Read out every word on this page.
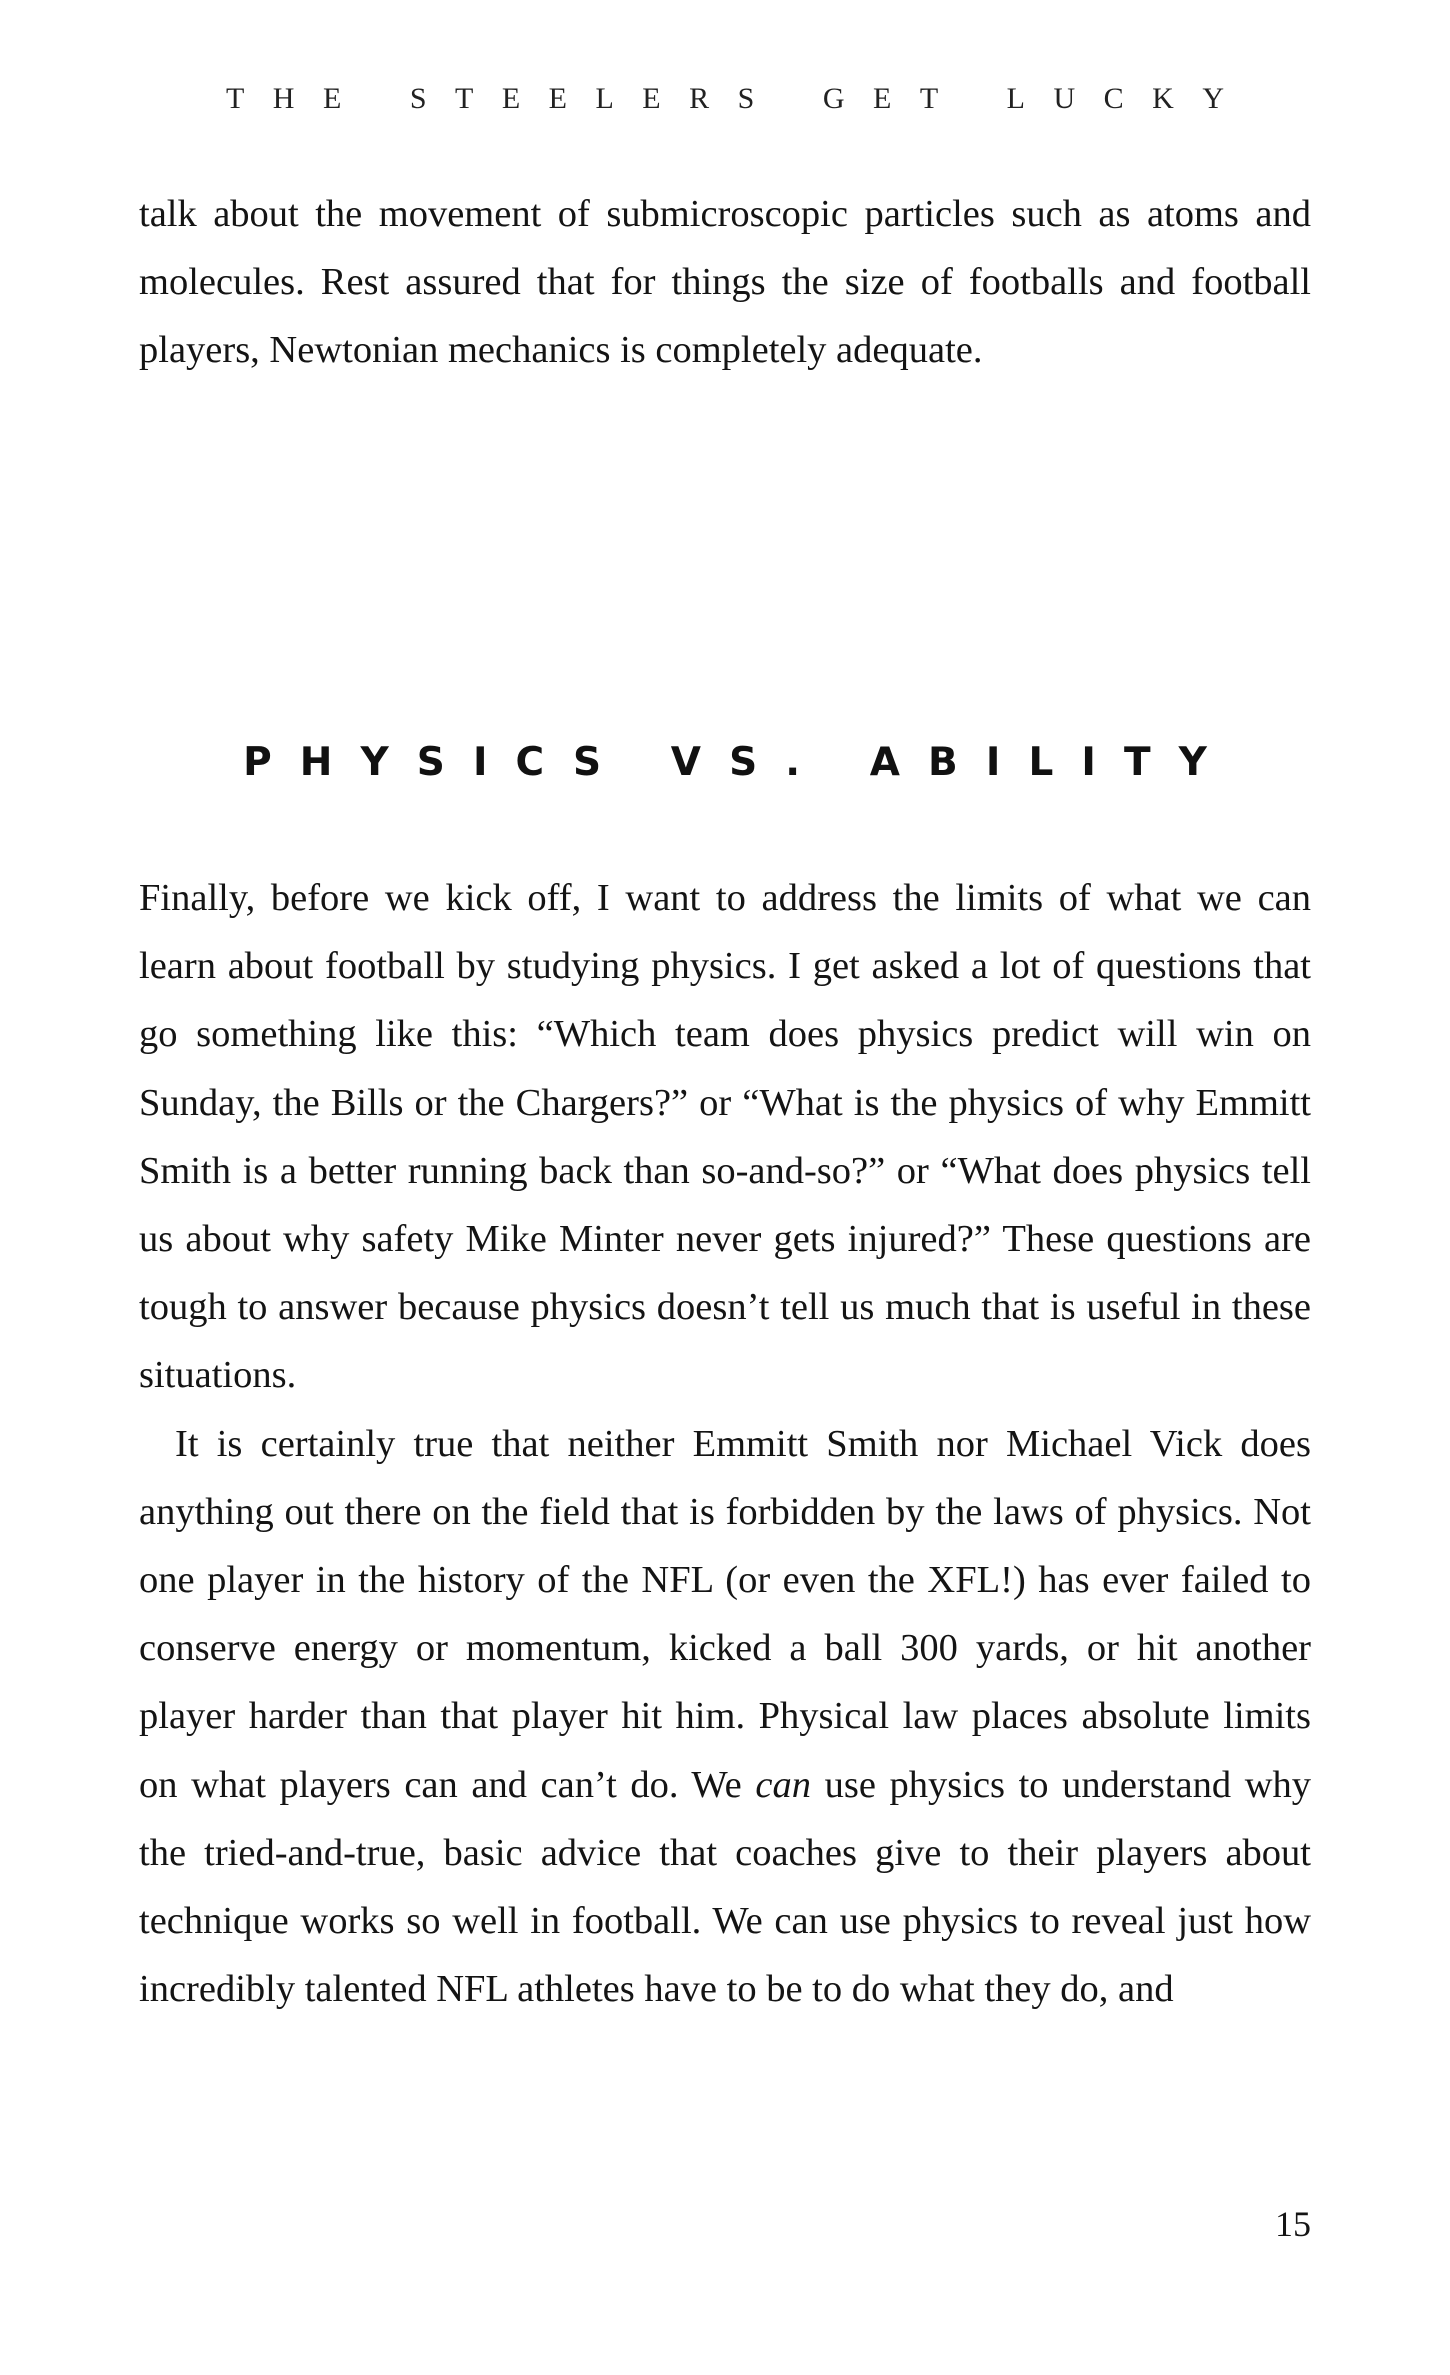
THE STEELERS GET LUCKY

talk about the movement of submicroscopic particles such as atoms and molecules. Rest assured that for things the size of footballs and football players, Newtonian mechanics is completely adequate.

PHYSICS VS. ABILITY

Finally, before we kick off, I want to address the limits of what we can learn about football by studying physics. I get asked a lot of questions that go something like this: “Which team does physics predict will win on Sunday, the Bills or the Chargers?” or “What is the physics of why Emmitt Smith is a better running back than so-and-so?” or “What does physics tell us about why safety Mike Minter never gets injured?” These questions are tough to answer because physics doesn’t tell us much that is useful in these situations.

It is certainly true that neither Emmitt Smith nor Michael Vick does anything out there on the field that is forbidden by the laws of physics. Not one player in the history of the NFL (or even the XFL!) has ever failed to conserve energy or momentum, kicked a ball 300 yards, or hit another player harder than that player hit him. Physical law places absolute limits on what players can and can’t do. We can use physics to understand why the tried-and-true, basic advice that coaches give to their players about technique works so well in football. We can use physics to reveal just how incredibly talented NFL athletes have to be to do what they do, and

15
